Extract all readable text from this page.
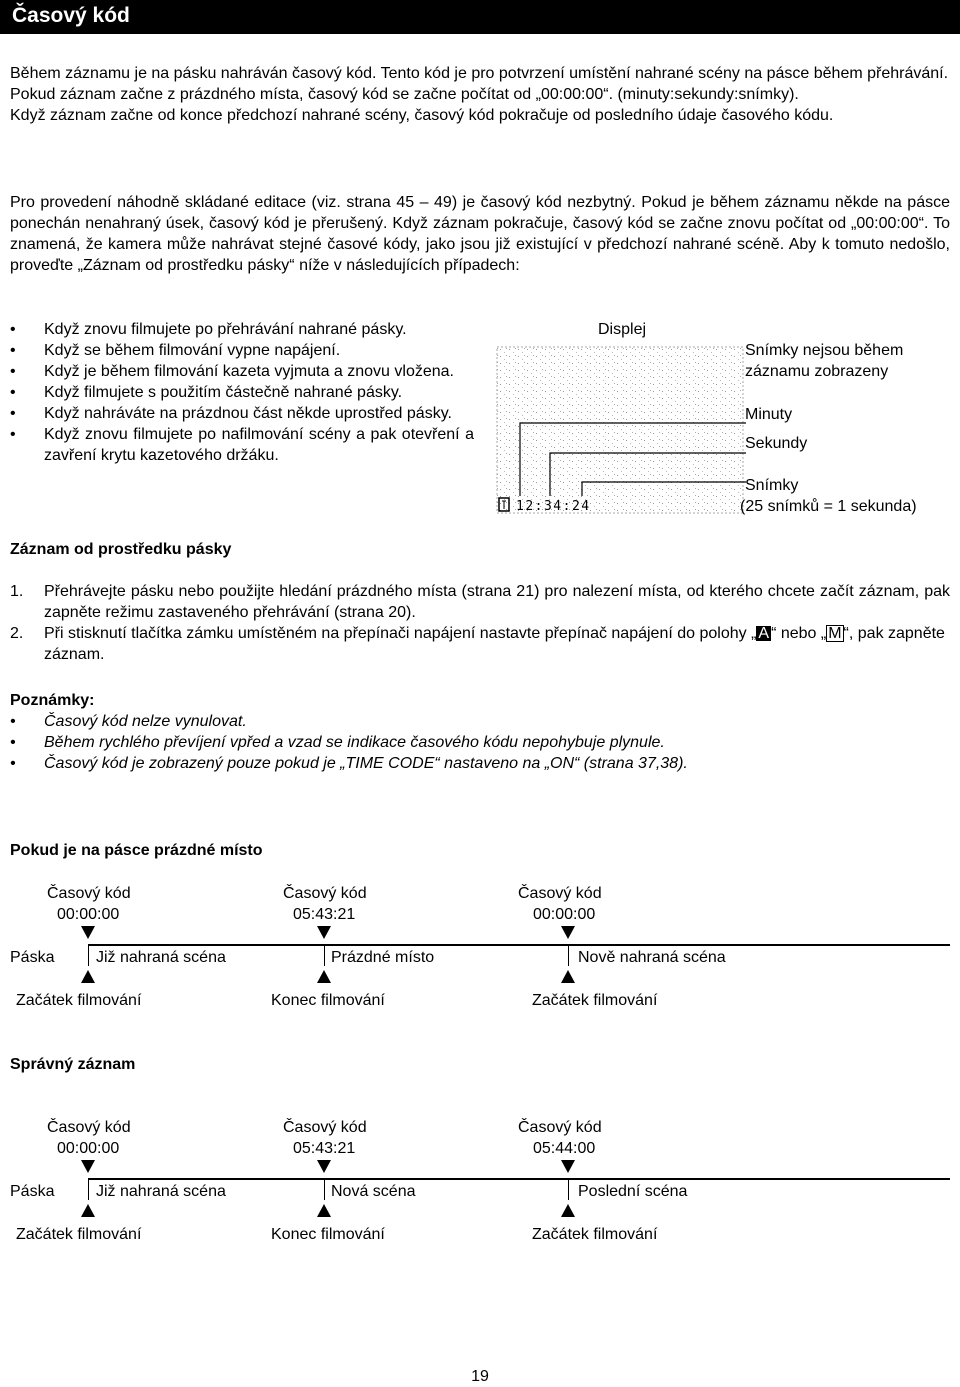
Časový kód
Během záznamu je na pásku nahráván časový kód. Tento kód je pro potvrzení umístění nahrané scény na pásce během přehrávání.
Pokud záznam začne z prázdného místa, časový kód se začne počítat od „00:00:00“. (minuty:sekundy:snímky).
Když záznam začne od konce předchozí nahrané scény, časový kód pokračuje od posledního údaje časového kódu.

Pro provedení náhodně skládané editace (viz. strana 45 – 49) je časový kód nezbytný. Pokud je během záznamu někde na pásce ponechán nenahraný úsek, časový kód je přerušený. Když záznam pokračuje, časový kód se začne znovu počítat od „00:00:00“. To znamená, že kamera může nahrávat stejné časové kódy, jako jsou již existující v předchozí nahrané scéně. Aby k tomuto nedošlo, proveďte „Záznam od prostředku pásky“ níže v následujících případech:

• Když znovu filmujete po přehrávání nahrané pásky.
• Když se během filmování vypne napájení.
• Když je během filmování kazeta vyjmuta a znovu vložena.
• Když filmujete s použitím částečně nahrané pásky.
• Když nahráváte na prázdnou část někde uprostřed pásky.
• Když znovu filmujete po nafilmování scény a pak otevření a zavření krytu kazetového držáku.
Displej
12:34:24
Snímky nejsou během
záznamu zobrazeny
Minuty
Sekundy
Snímky
(25 snímků = 1 sekunda)
Záznam od prostředku pásky
1. Přehrávejte pásku nebo použijte hledání prázdného místa (strana 21) pro nalezení místa, od kterého chcete začít záznam, pak zapněte režimu zastaveného přehrávání (strana 20).
2. Při stisknutí tlačítka zámku umístěném na přepínači napájení nastavte přepínač napájení do polohy „ A “ nebo „ M “, pak zapněte záznam.
Poznámky:
• Časový kód nelze vynulovat.
• Během rychlého převíjení vpřed a vzad se indikace časového kódu nepohybuje plynule.
• Časový kód je zobrazený pouze pokud je „TIME CODE“ nastaveno na „ON“ (strana 37,38).
Pokud je na pásce prázdné místo
Časový kód	Časový kód	Časový kód
00:00:00	05:43:21	00:00:00
Páska	Již nahraná scéna	Prázdné místo	Nově nahraná scéna
Začátek filmování	Konec filmování	Začátek filmování
Správný záznam
Časový kód	Časový kód	Časový kód
00:00:00	05:43:21	05:44:00
Páska	Již nahraná scéna	Nová scéna	Poslední scéna
Začátek filmování	Konec filmování	Začátek filmování
19
